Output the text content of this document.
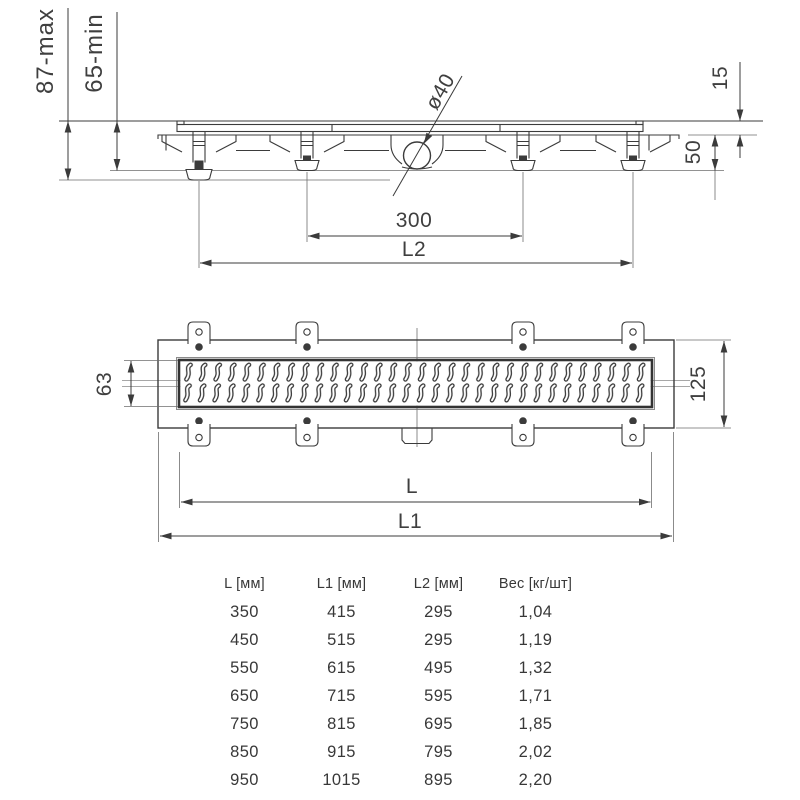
ø40
87-max 65-min	15
50
300
L2
63	125
L
L1
L [мм]	L1 [мм]	L2 [мм]	Вес [кг/шт]
350	415	295	1,04
450	515	295	1,19
550	615	495	1,32
650	715	595	1,71
750	815	695	1,85
850	915	795	2,02
950	1015	895	2,20
